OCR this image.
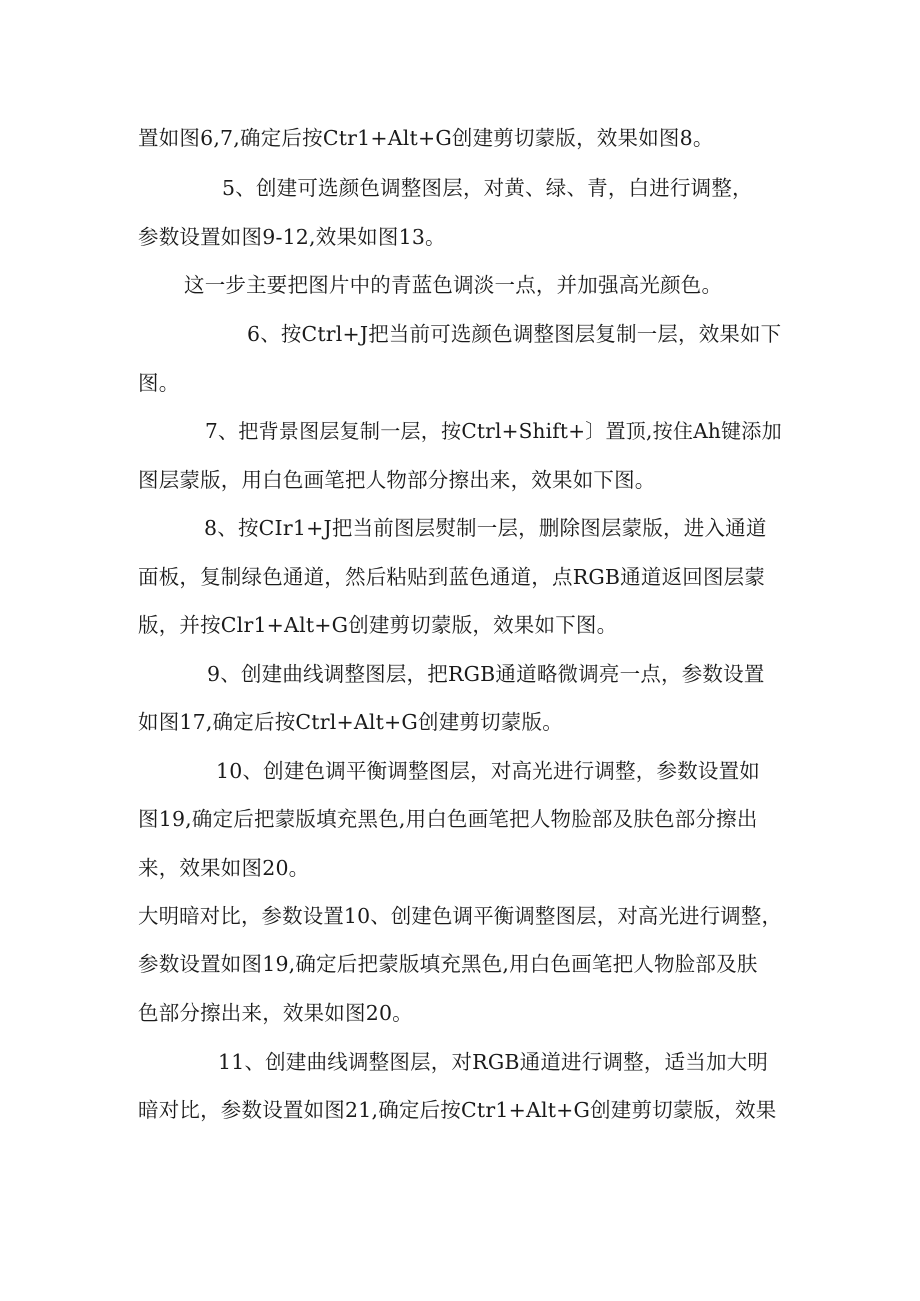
置如图6,7,确定后按Ctr1+Alt+G创建剪切蒙版，效果如图8。
5、创建可选颜色调整图层，对黄、绿、青，白进行调整，
参数设置如图9-12,效果如图13。
这一步主要把图片中的青蓝色调淡一点，并加强高光颜色。
6、按Ctrl+J把当前可选颜色调整图层复制一层，效果如下
图。
7、把背景图层复制一层，按Ctrl+Shift+〕置顶,按住Ah键添加
图层蒙版，用白色画笔把人物部分擦出来，效果如下图。
8、按CIr1+J把当前图层熨制一层，删除图层蒙版，进入通道
面板，复制绿色通道，然后粘贴到蓝色通道，点RGB通道返回图层蒙
版，并按Clr1+Alt+G创建剪切蒙版，效果如下图。
9、创建曲线调整图层，把RGB通道略微调亮一点，参数设置
如图17,确定后按Ctrl+Alt+G创建剪切蒙版。
10、创建色调平衡调整图层，对高光进行调整，参数设置如
图19,确定后把蒙版填充黑色,用白色画笔把人物脸部及肤色部分擦出
来，效果如图20。
大明暗对比，参数设置10、创建色调平衡调整图层，对高光进行调整，
参数设置如图19,确定后把蒙版填充黑色,用白色画笔把人物脸部及肤
色部分擦出来，效果如图20。
11、创建曲线调整图层，对RGB通道进行调整，适当加大明
暗对比，参数设置如图21,确定后按Ctr1+Alt+G创建剪切蒙版，效果
